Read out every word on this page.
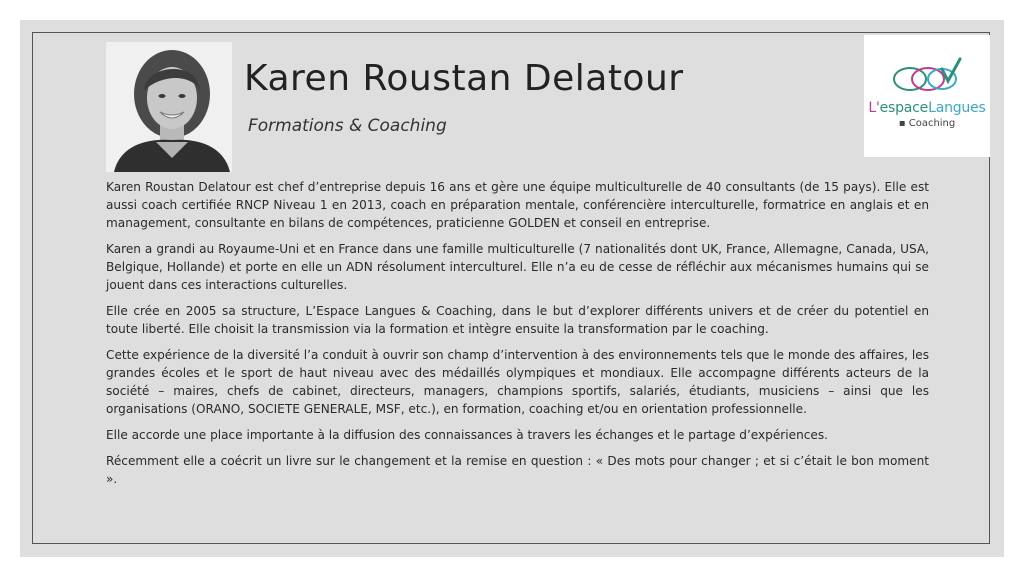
L'espaceLangues
▪ Coaching
Karen Roustan Delatour
Formations & Coaching

Karen Roustan Delatour est chef d’entreprise depuis 16 ans et gère une équipe multiculturelle de 40 consultants (de 15 pays). Elle est aussi coach certifiée RNCP Niveau 1 en 2013, coach en préparation mentale, conférencière interculturelle, formatrice en anglais et en management, consultante en bilans de compétences, praticienne GOLDEN et conseil en entreprise.

Karen a grandi au Royaume-Uni et en France dans une famille multiculturelle (7 nationalités dont UK, France, Allemagne, Canada, USA, Belgique, Hollande) et porte en elle un ADN résolument interculturel. Elle n’a eu de cesse de réfléchir aux mécanismes humains qui se jouent dans ces interactions culturelles.

Elle crée en 2005 sa structure, L’Espace Langues & Coaching, dans le but d’explorer différents univers et de créer du potentiel en toute liberté. Elle choisit la transmission via la formation et intègre ensuite la transformation par le coaching.

Cette expérience de la diversité l’a conduit à ouvrir son champ d’intervention à des environnements tels que le monde des affaires, les grandes écoles et le sport de haut niveau avec des médaillés olympiques et mondiaux. Elle accompagne différents acteurs de la société – maires, chefs de cabinet, directeurs, managers, champions sportifs, salariés, étudiants, musiciens – ainsi que les organisations (ORANO, SOCIETE GENERALE, MSF, etc.), en formation, coaching et/ou en orientation professionnelle.

Elle accorde une place importante à la diffusion des connaissances à travers les échanges et le partage d’expériences.

Récemment elle a coécrit un livre sur le changement et la remise en question : « Des mots pour changer ; et si c’était le bon moment ».
